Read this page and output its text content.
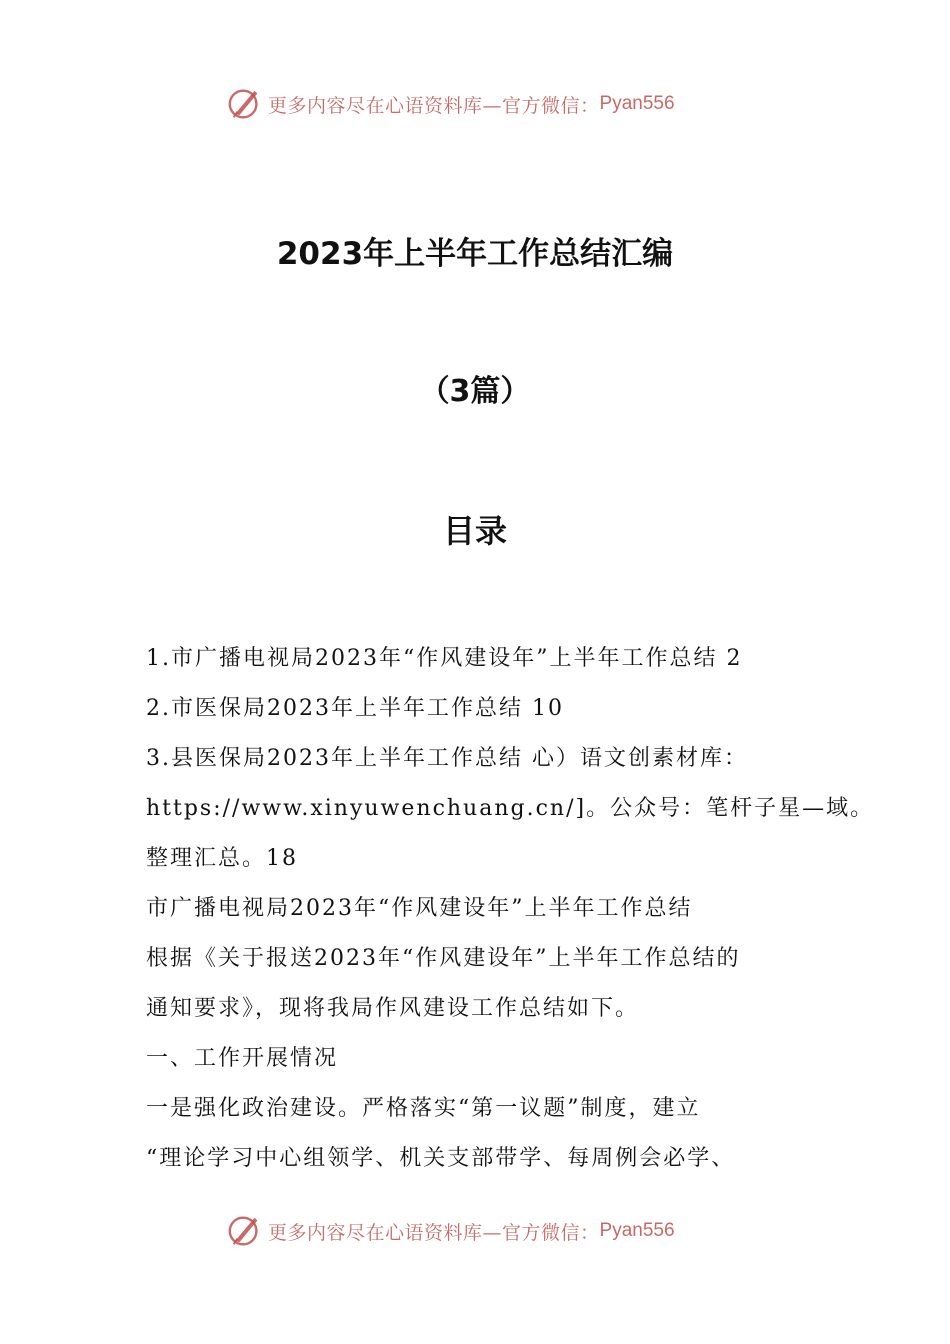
更多内容尽在心语资料库—官方微信： Pyan556
2023年上半年工作总结汇编
（3篇）
目录
1.市广播电视局2023年“作风建设年”上半年工作总结 2
2.市医保局2023年上半年工作总结 10
3.县医保局2023年上半年工作总结 心）语文创素材库：
https://www.xinyuwenchuang.cn/]。公众号：笔杆子星—域。
整理汇总。18
市广播电视局2023年“作风建设年”上半年工作总结
根据《关于报送2023年“作风建设年”上半年工作总结的
通知要求》，现将我局作风建设工作总结如下。
一、工作开展情况
一是强化政治建设。严格落实“第一议题”制度，建立
“理论学习中心组领学、机关支部带学、每周例会必学、
更多内容尽在心语资料库—官方微信： Pyan556
